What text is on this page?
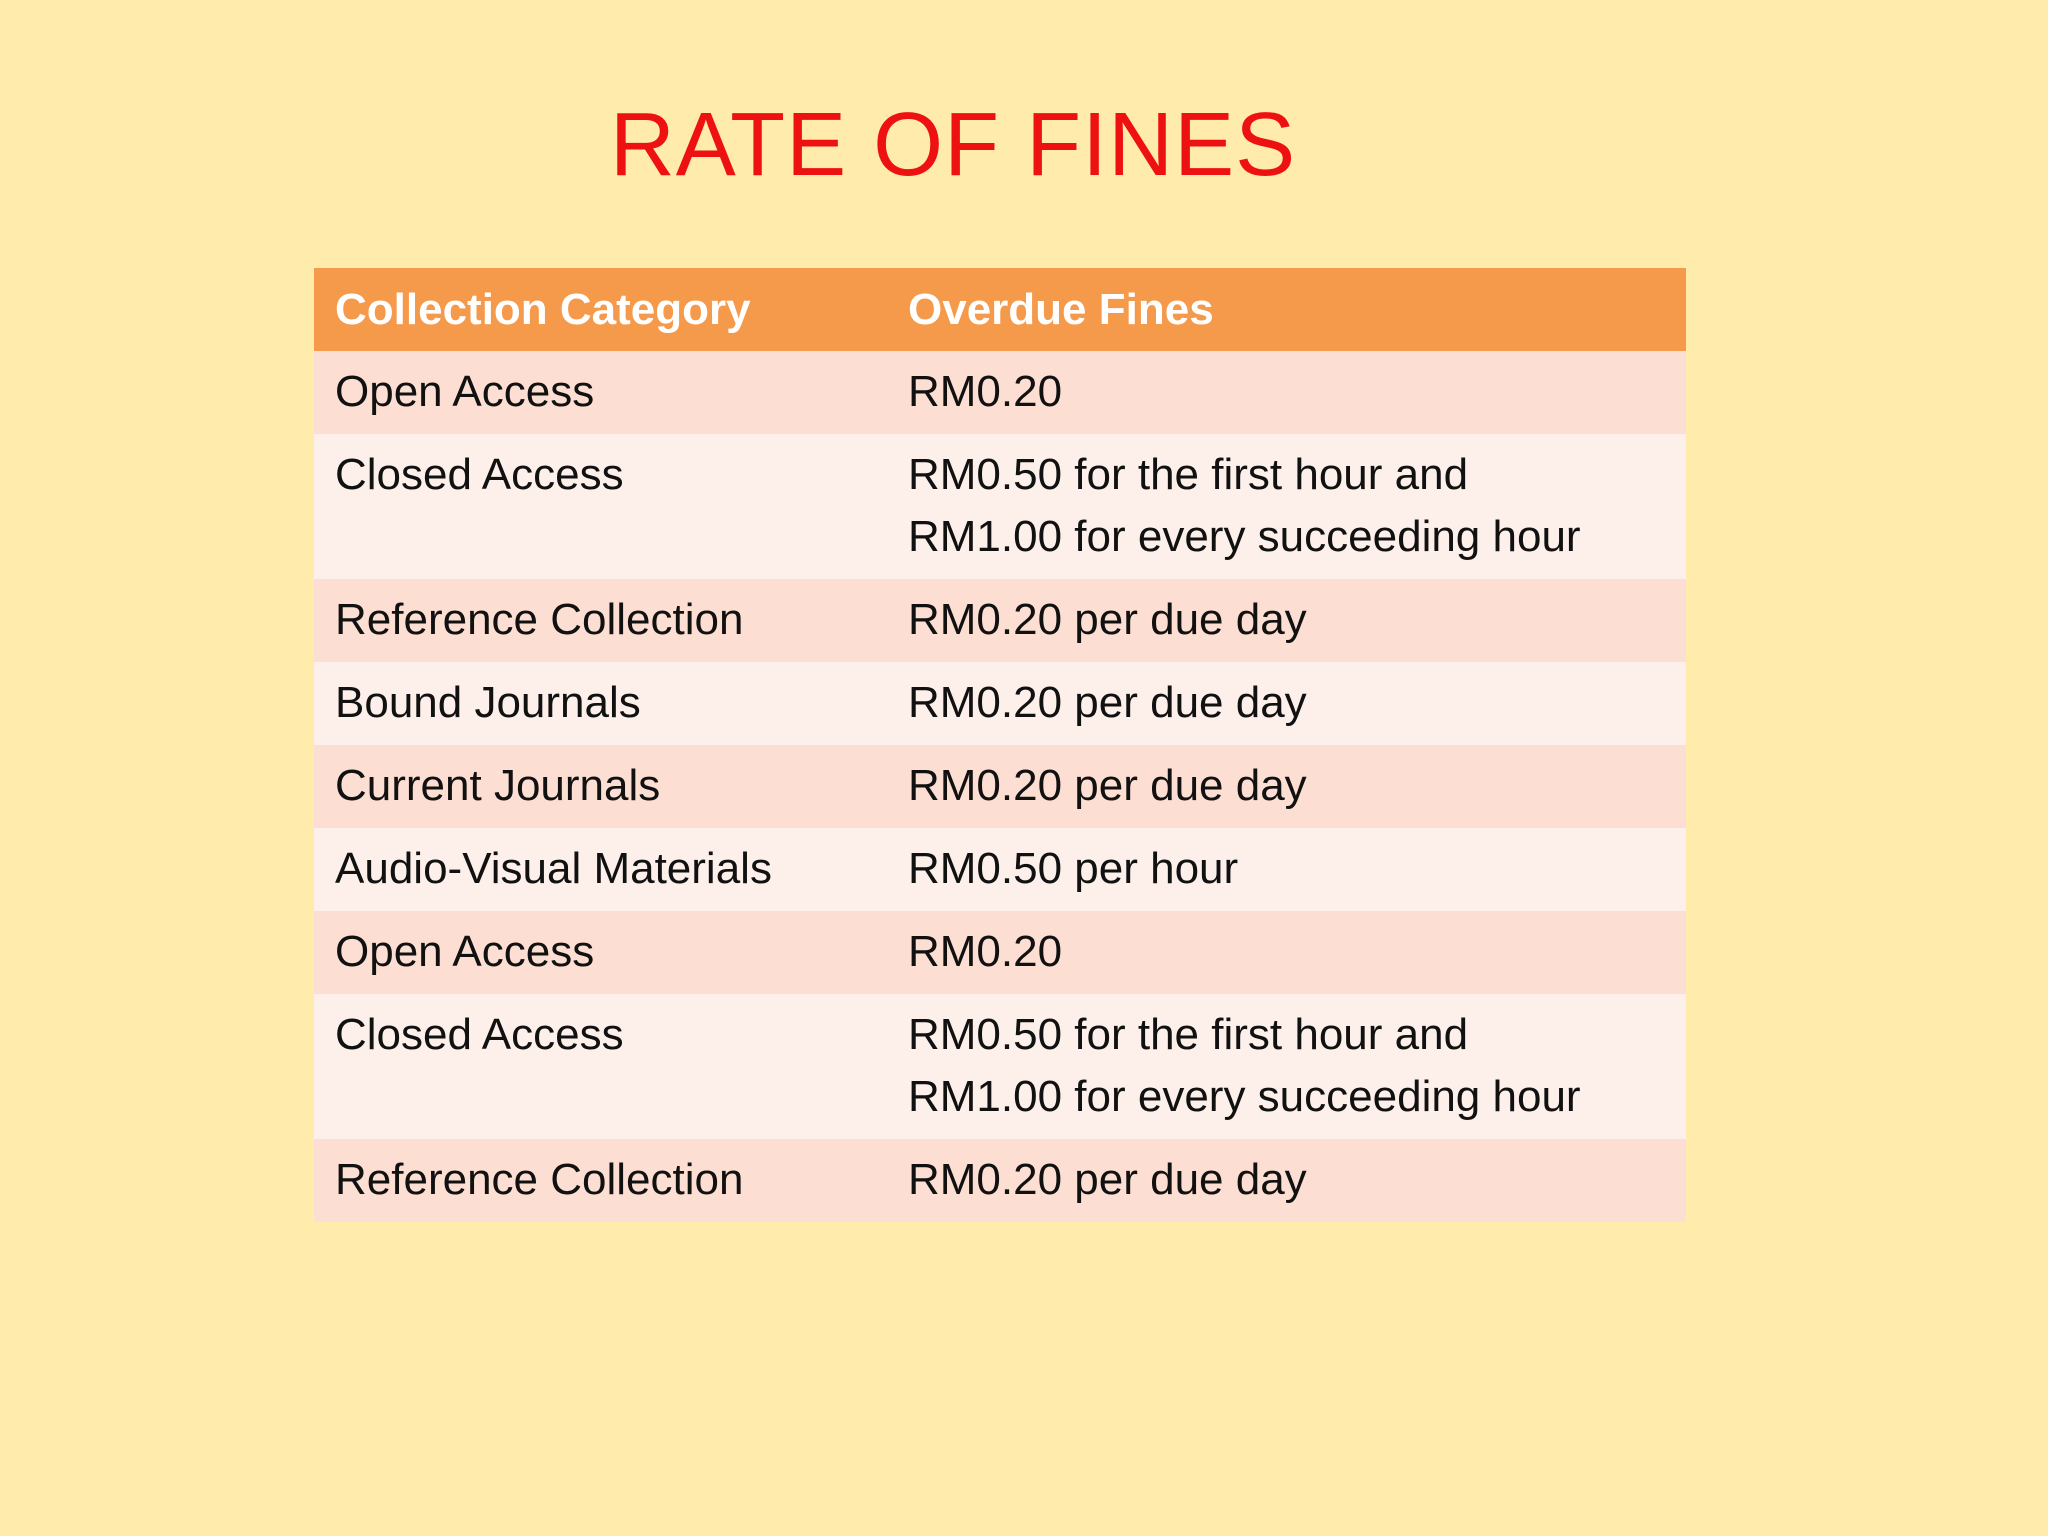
RATE OF FINES
Collection Category	Overdue Fines
Open Access	RM0.20
Closed Access	RM0.50 for the first hour and
RM1.00 for every succeeding hour
Reference Collection	RM0.20 per due day
Bound Journals	RM0.20 per due day
Current Journals	RM0.20 per due day
Audio-Visual Materials	RM0.50 per hour
Open Access	RM0.20
Closed Access	RM0.50 for the first hour and
RM1.00 for every succeeding hour
Reference Collection	RM0.20 per due day
